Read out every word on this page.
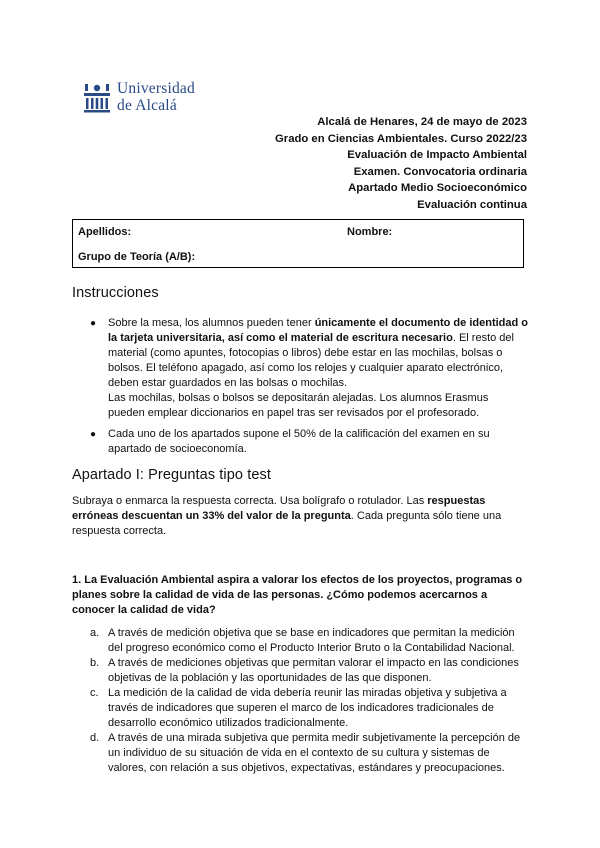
Universidad
de Alcalá
Alcalá de Henares, 24 de mayo de 2023
Grado en Ciencias Ambientales. Curso 2022/23
Evaluación de Impacto Ambiental
Examen. Convocatoria ordinaria
Apartado Medio Socioeconómico
Evaluación continua
Apellidos:	Nombre:
Grupo de Teoría (A/B):
Instrucciones
● Sobre la mesa, los alumnos pueden tener únicamente el documento de identidad o la tarjeta universitaria, así como el material de escritura necesario. El resto del material (como apuntes, fotocopias o libros) debe estar en las mochilas, bolsas o bolsos. El teléfono apagado, así como los relojes y cualquier aparato electrónico, deben estar guardados en las bolsas o mochilas.
Las mochilas, bolsas o bolsos se depositarán alejadas. Los alumnos Erasmus pueden emplear diccionarios en papel tras ser revisados por el profesorado.
● Cada uno de los apartados supone el 50% de la calificación del examen en su apartado de socioeconomía.
Apartado I: Preguntas tipo test
Subraya o enmarca la respuesta correcta. Usa bolígrafo o rotulador. Las respuestas erróneas descuentan un 33% del valor de la pregunta. Cada pregunta sólo tiene una respuesta correcta.
1. La Evaluación Ambiental aspira a valorar los efectos de los proyectos, programas o planes sobre la calidad de vida de las personas. ¿Cómo podemos acercarnos a conocer la calidad de vida?
a. A través de medición objetiva que se base en indicadores que permitan la medición del progreso económico como el Producto Interior Bruto o la Contabilidad Nacional.
b. A través de mediciones objetivas que permitan valorar el impacto en las condiciones objetivas de la población y las oportunidades de las que disponen.
c. La medición de la calidad de vida debería reunir las miradas objetiva y subjetiva a través de indicadores que superen el marco de los indicadores tradicionales de desarrollo económico utilizados tradicionalmente.
d. A través de una mirada subjetiva que permita medir subjetivamente la percepción de un individuo de su situación de vida en el contexto de su cultura y sistemas de valores, con relación a sus objetivos, expectativas, estándares y preocupaciones.
